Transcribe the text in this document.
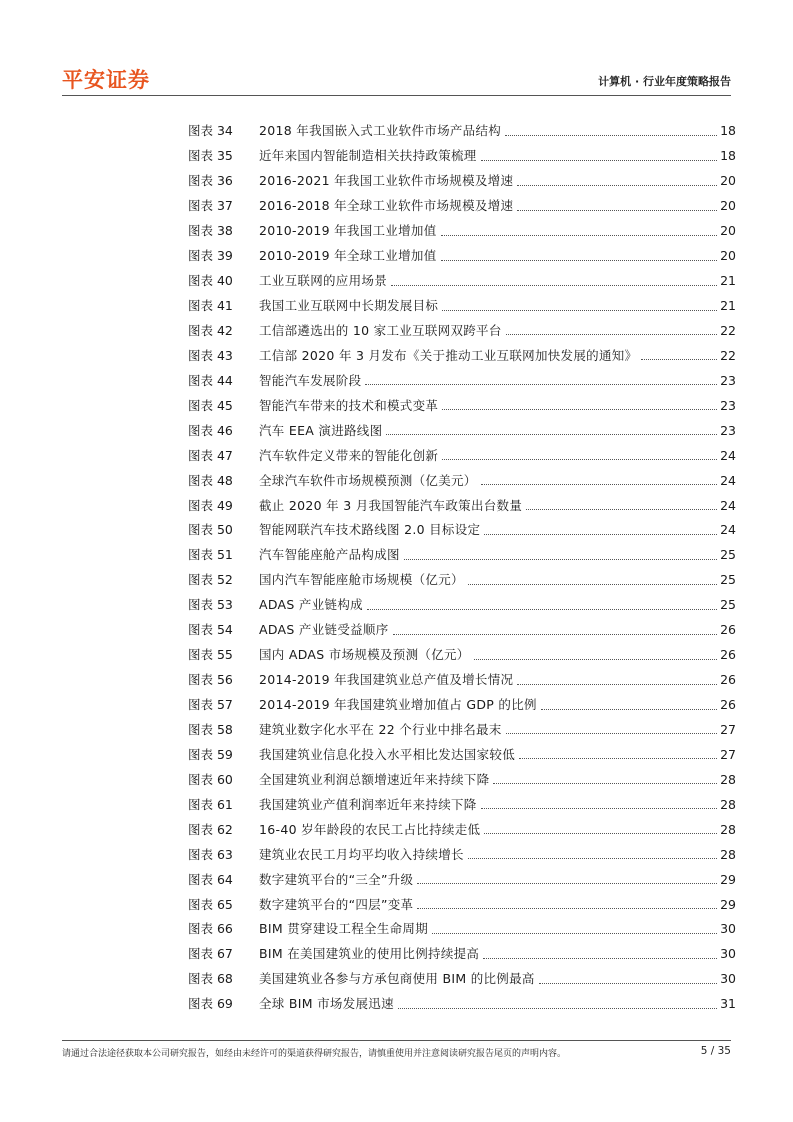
平安证券	计算机 · 行业年度策略报告
图表 34	2018 年我国嵌入式工业软件市场产品结构	18
图表 35	近年来国内智能制造相关扶持政策梳理	18
图表 36	2016-2021 年我国工业软件市场规模及增速	20
图表 37	2016-2018 年全球工业软件市场规模及增速	20
图表 38	2010-2019 年我国工业增加值	20
图表 39	2010-2019 年全球工业增加值	20
图表 40	工业互联网的应用场景	21
图表 41	我国工业互联网中长期发展目标	21
图表 42	工信部遴选出的 10 家工业互联网双跨平台	22
图表 43	工信部 2020 年 3 月发布《关于推动工业互联网加快发展的通知》	22
图表 44	智能汽车发展阶段	23
图表 45	智能汽车带来的技术和模式变革	23
图表 46	汽车 EEA 演进路线图	23
图表 47	汽车软件定义带来的智能化创新	24
图表 48	全球汽车软件市场规模预测（亿美元）	24
图表 49	截止 2020 年 3 月我国智能汽车政策出台数量	24
图表 50	智能网联汽车技术路线图 2.0 目标设定	24
图表 51	汽车智能座舱产品构成图	25
图表 52	国内汽车智能座舱市场规模（亿元）	25
图表 53	ADAS 产业链构成	25
图表 54	ADAS 产业链受益顺序	26
图表 55	国内 ADAS 市场规模及预测（亿元）	26
图表 56	2014-2019 年我国建筑业总产值及增长情况	26
图表 57	2014-2019 年我国建筑业增加值占 GDP 的比例	26
图表 58	建筑业数字化水平在 22 个行业中排名最末	27
图表 59	我国建筑业信息化投入水平相比发达国家较低	27
图表 60	全国建筑业利润总额增速近年来持续下降	28
图表 61	我国建筑业产值利润率近年来持续下降	28
图表 62	16-40 岁年龄段的农民工占比持续走低	28
图表 63	建筑业农民工月均平均收入持续增长	28
图表 64	数字建筑平台的“三全”升级	29
图表 65	数字建筑平台的“四层”变革	29
图表 66	BIM 贯穿建设工程全生命周期	30
图表 67	BIM 在美国建筑业的使用比例持续提高	30
图表 68	美国建筑业各参与方承包商使用 BIM 的比例最高	30
图表 69	全球 BIM 市场发展迅速	31
请通过合法途径获取本公司研究报告，如经由未经许可的渠道获得研究报告，请慎重使用并注意阅读研究报告尾页的声明内容。	5 / 35
